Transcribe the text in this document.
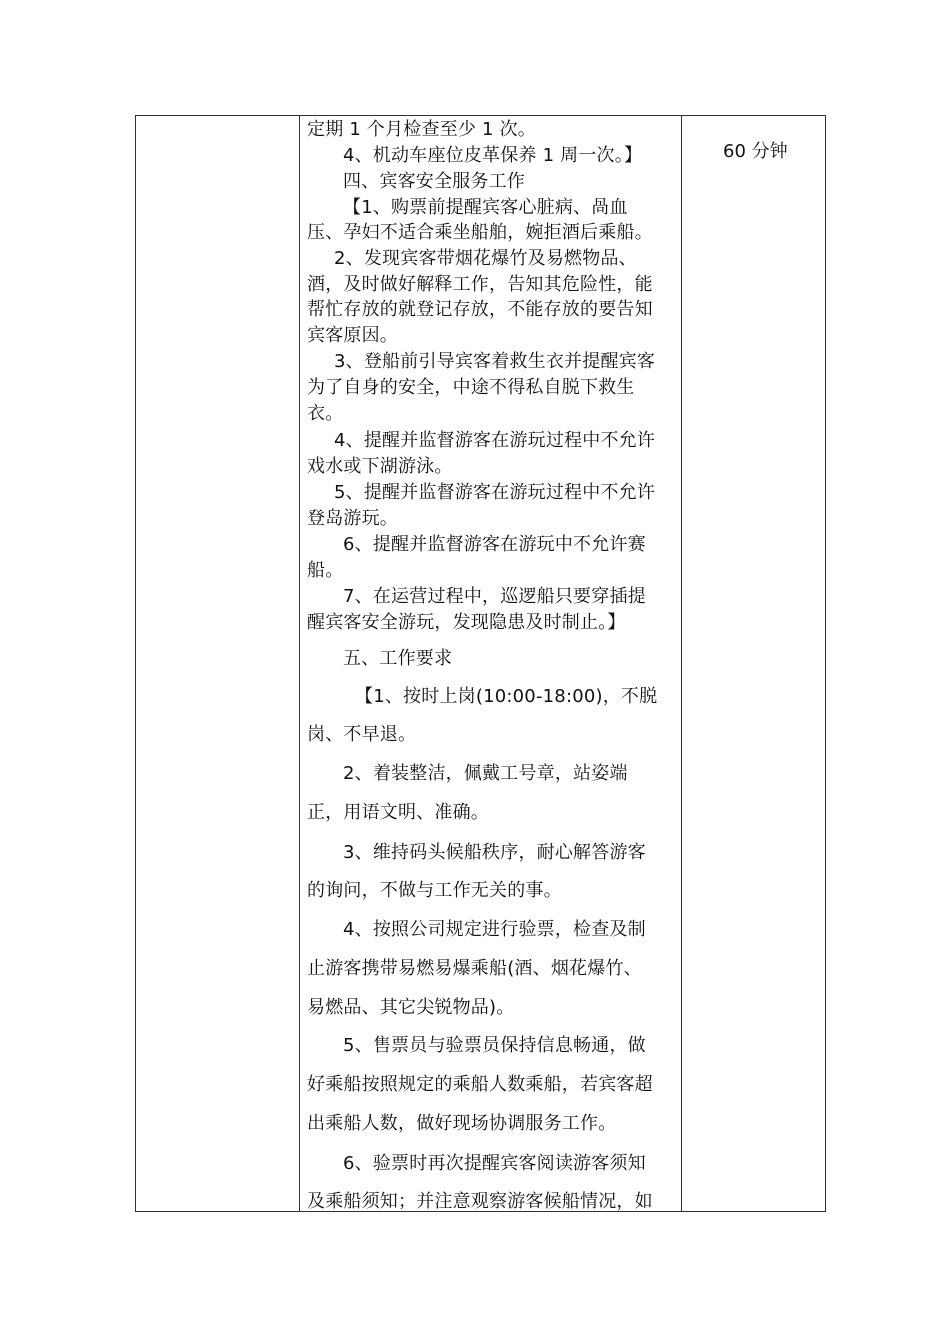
定期 1 个月检查至少 1 次。
4、机动车座位皮革保养 1 周一次。】
四、宾客安全服务工作
【1、购票前提醒宾客心脏病、咼血
压、孕妇不适合乘坐船舶，婉拒酒后乘船。
2、发现宾客带烟花爆竹及易燃物品、
酒，及时做好解释工作，告知其危险性，能
帮忙存放的就登记存放，不能存放的要告知
宾客原因。
3、登船前引导宾客着救生衣并提醒宾客
为了自身的安全，中途不得私自脱下救生
衣。
4、提醒并监督游客在游玩过程中不允许
戏水或下湖游泳。
5、提醒并监督游客在游玩过程中不允许
登岛游玩。
6、提醒并监督游客在游玩中不允许赛
船。
7、在运营过程中，巡逻船只要穿插提
醒宾客安全游玩，发现隐患及时制止。】
五、工作要求
【1、按时上岗(10:00-18:00)，不脱
岗、不早退。
2、着装整洁，佩戴工号章，站姿端
正，用语文明、准确。
3、维持码头候船秩序，耐心解答游客
的询问，不做与工作无关的事。
4、按照公司规定进行验票，检查及制
止游客携带易燃易爆乘船(酒、烟花爆竹、
易燃品、其它尖锐物品)。
5、售票员与验票员保持信息畅通，做
好乘船按照规定的乘船人数乘船，若宾客超
出乘船人数，做好现场协调服务工作。
6、验票时再次提醒宾客阅读游客须知
及乘船须知；并注意观察游客候船情况，如
60 分钟
